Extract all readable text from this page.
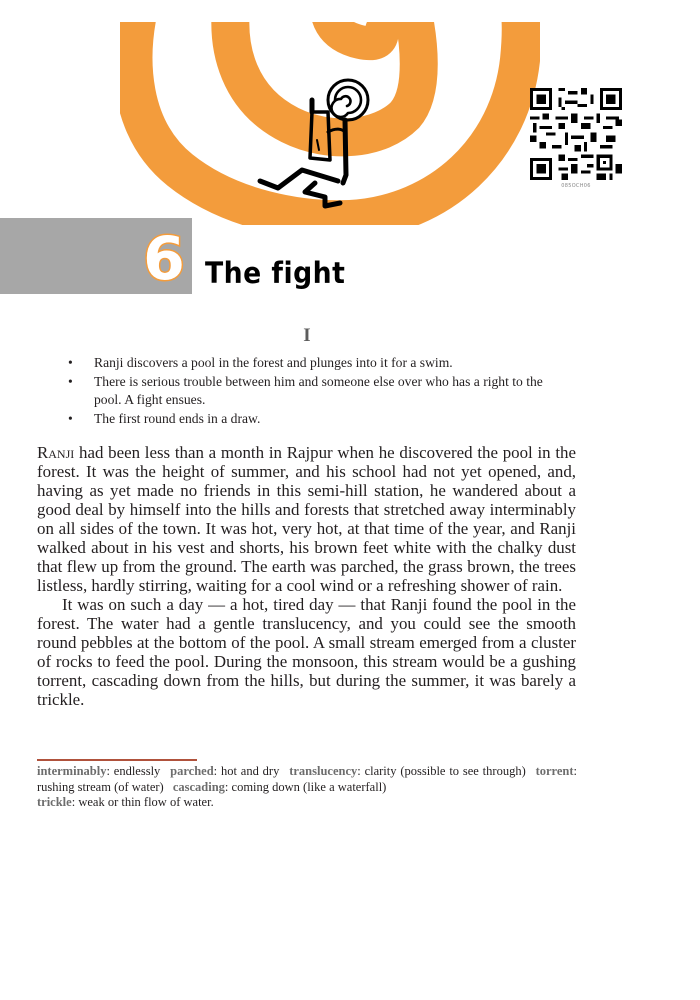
085OCH06
6 The fight
I
• Ranji discovers a pool in the forest and plunges into it for a swim.
• There is serious trouble between him and someone else over who has a right to the pool. A fight ensues.
• The first round ends in a draw.

Ranji had been less than a month in Rajpur when he discovered the pool in the forest. It was the height of summer, and his school had not yet opened, and, having as yet made no friends in this semi-hill station, he wandered about a good deal by himself into the hills and forests that stretched away interminably on all sides of the town. It was hot, very hot, at that time of the year, and Ranji walked about in his vest and shorts, his brown feet white with the chalky dust that flew up from the ground. The earth was parched, the grass brown, the trees listless, hardly stirring, waiting for a cool wind or a refreshing shower of rain.

It was on such a day — a hot, tired day — that Ranji found the pool in the forest. The water had a gentle translucency, and you could see the smooth round pebbles at the bottom of the pool. A small stream emerged from a cluster of rocks to feed the pool. During the monsoon, this stream would be a gushing torrent, cascading down from the hills, but during the summer, it was barely a trickle.

interminably: endlessly parched: hot and dry translucency: clarity (possible to see through) torrent: rushing stream (of water) cascading: coming down (like a waterfall)
trickle: weak or thin flow of water.
